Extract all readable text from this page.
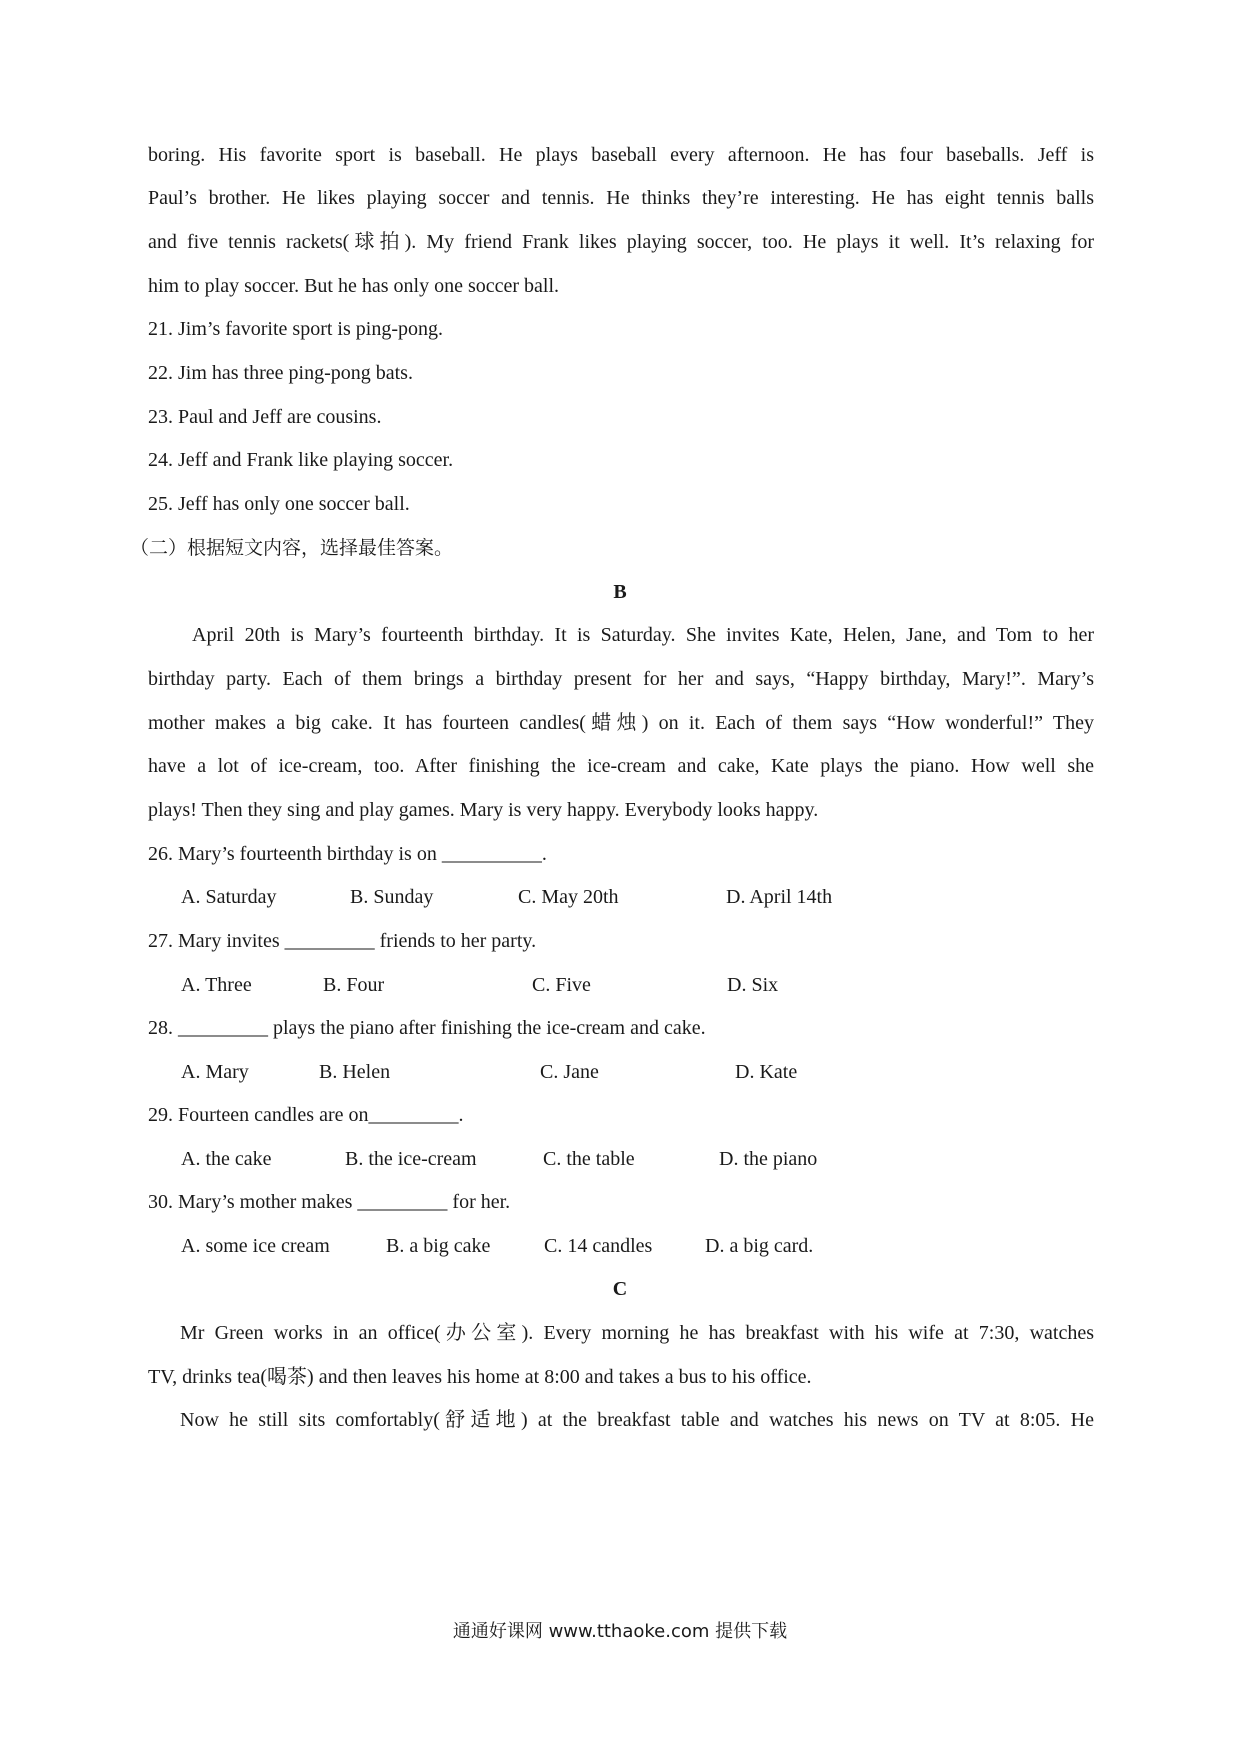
boring. His favorite sport is baseball. He plays baseball every afternoon. He has four baseballs. Jeff is
Paul’s brother. He likes playing soccer and tennis. He thinks they’re interesting. He has eight tennis balls
and five tennis rackets(球拍). My friend Frank likes playing soccer, too. He plays it well. It’s relaxing for
him to play soccer. But he has only one soccer ball.
21. Jim’s favorite sport is ping-pong.
22. Jim has three ping-pong bats.
23. Paul and Jeff are cousins.
24. Jeff and Frank like playing soccer.
25. Jeff has only one soccer ball.
（二）根据短文内容，选择最佳答案。
B
April 20th is Mary’s fourteenth birthday. It is Saturday. She invites Kate, Helen, Jane, and Tom to her
birthday party. Each of them brings a birthday present for her and says, “Happy birthday, Mary!”. Mary’s
mother makes a big cake. It has fourteen candles(蜡烛) on it. Each of them says “How wonderful!” They
have a lot of ice-cream, too. After finishing the ice-cream and cake, Kate plays the piano. How well she
plays! Then they sing and play games. Mary is very happy. Everybody looks happy.
26. Mary’s fourteenth birthday is on __________.
A. Saturday	B. Sunday	C. May 20th	D. April 14th
27. Mary invites _________ friends to her party.
A. Three	B. Four	C. Five	D. Six
28. _________ plays the piano after finishing the ice-cream and cake.
A. Mary	B. Helen	C. Jane	D. Kate
29. Fourteen candles are on_________.
A. the cake	B. the ice-cream	C. the table	D. the piano
30. Mary’s mother makes _________ for her.
A. some ice cream	B. a big cake	C. 14 candles	D. a big card.
C
Mr Green works in an office(办公室). Every morning he has breakfast with his wife at 7:30, watches
TV, drinks tea(喝茶) and then leaves his home at 8:00 and takes a bus to his office.
Now he still sits comfortably(舒适地) at the breakfast table and watches his news on TV at 8:05. He
通通好课网 www.tthaoke.com 提供下载
